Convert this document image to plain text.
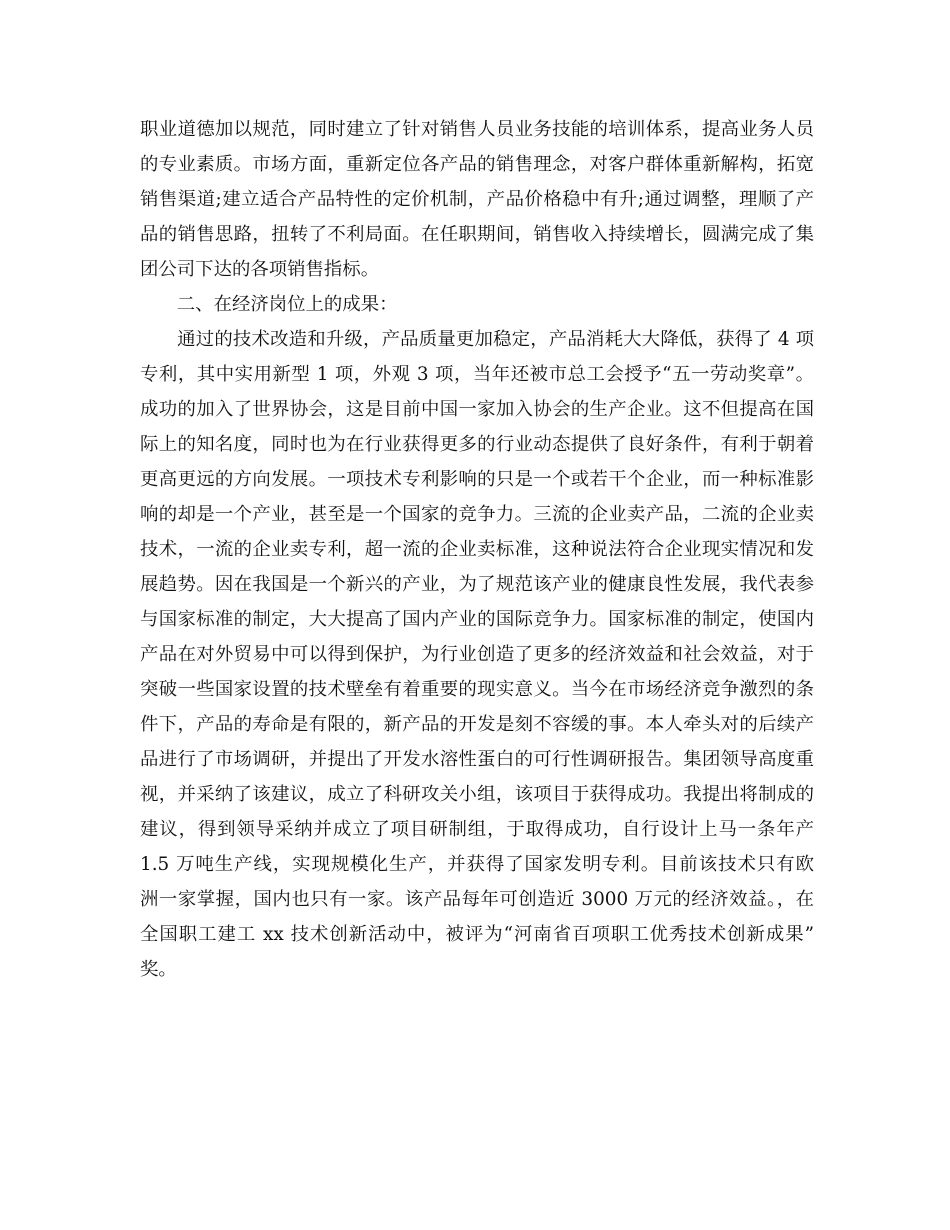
职业道德加以规范，同时建立了针对销售人员业务技能的培训体系，提高业务人员
的专业素质。市场方面，重新定位各产品的销售理念，对客户群体重新解构，拓宽
销售渠道;建立适合产品特性的定价机制，产品价格稳中有升;通过调整，理顺了产
品的销售思路，扭转了不利局面。在任职期间，销售收入持续增长，圆满完成了集
团公司下达的各项销售指标。
　　二、在经济岗位上的成果：
　　通过的技术改造和升级，产品质量更加稳定，产品消耗大大降低，获得了 4 项
专利，其中实用新型 1 项，外观 3 项，当年还被市总工会授予“五一劳动奖章”。
成功的加入了世界协会，这是目前中国一家加入协会的生产企业。这不但提高在国
际上的知名度，同时也为在行业获得更多的行业动态提供了良好条件，有利于朝着
更高更远的方向发展。一项技术专利影响的只是一个或若干个企业，而一种标准影
响的却是一个产业，甚至是一个国家的竞争力。三流的企业卖产品，二流的企业卖
技术，一流的企业卖专利，超一流的企业卖标准，这种说法符合企业现实情况和发
展趋势。因在我国是一个新兴的产业，为了规范该产业的健康良性发展，我代表参
与国家标准的制定，大大提高了国内产业的国际竞争力。国家标准的制定，使国内
产品在对外贸易中可以得到保护，为行业创造了更多的经济效益和社会效益，对于
突破一些国家设置的技术壁垒有着重要的现实意义。当今在市场经济竞争激烈的条
件下，产品的寿命是有限的，新产品的开发是刻不容缓的事。本人牵头对的后续产
品进行了市场调研，并提出了开发水溶性蛋白的可行性调研报告。集团领导高度重
视，并采纳了该建议，成立了科研攻关小组，该项目于获得成功。我提出将制成的
建议，得到领导采纳并成立了项目研制组，于取得成功，自行设计上马一条年产
1.5 万吨生产线，实现规模化生产，并获得了国家发明专利。目前该技术只有欧
洲一家掌握，国内也只有一家。该产品每年可创造近 3000 万元的经济效益。，在
全国职工建工 xx 技术创新活动中，被评为“河南省百项职工优秀技术创新成果”
奖。
